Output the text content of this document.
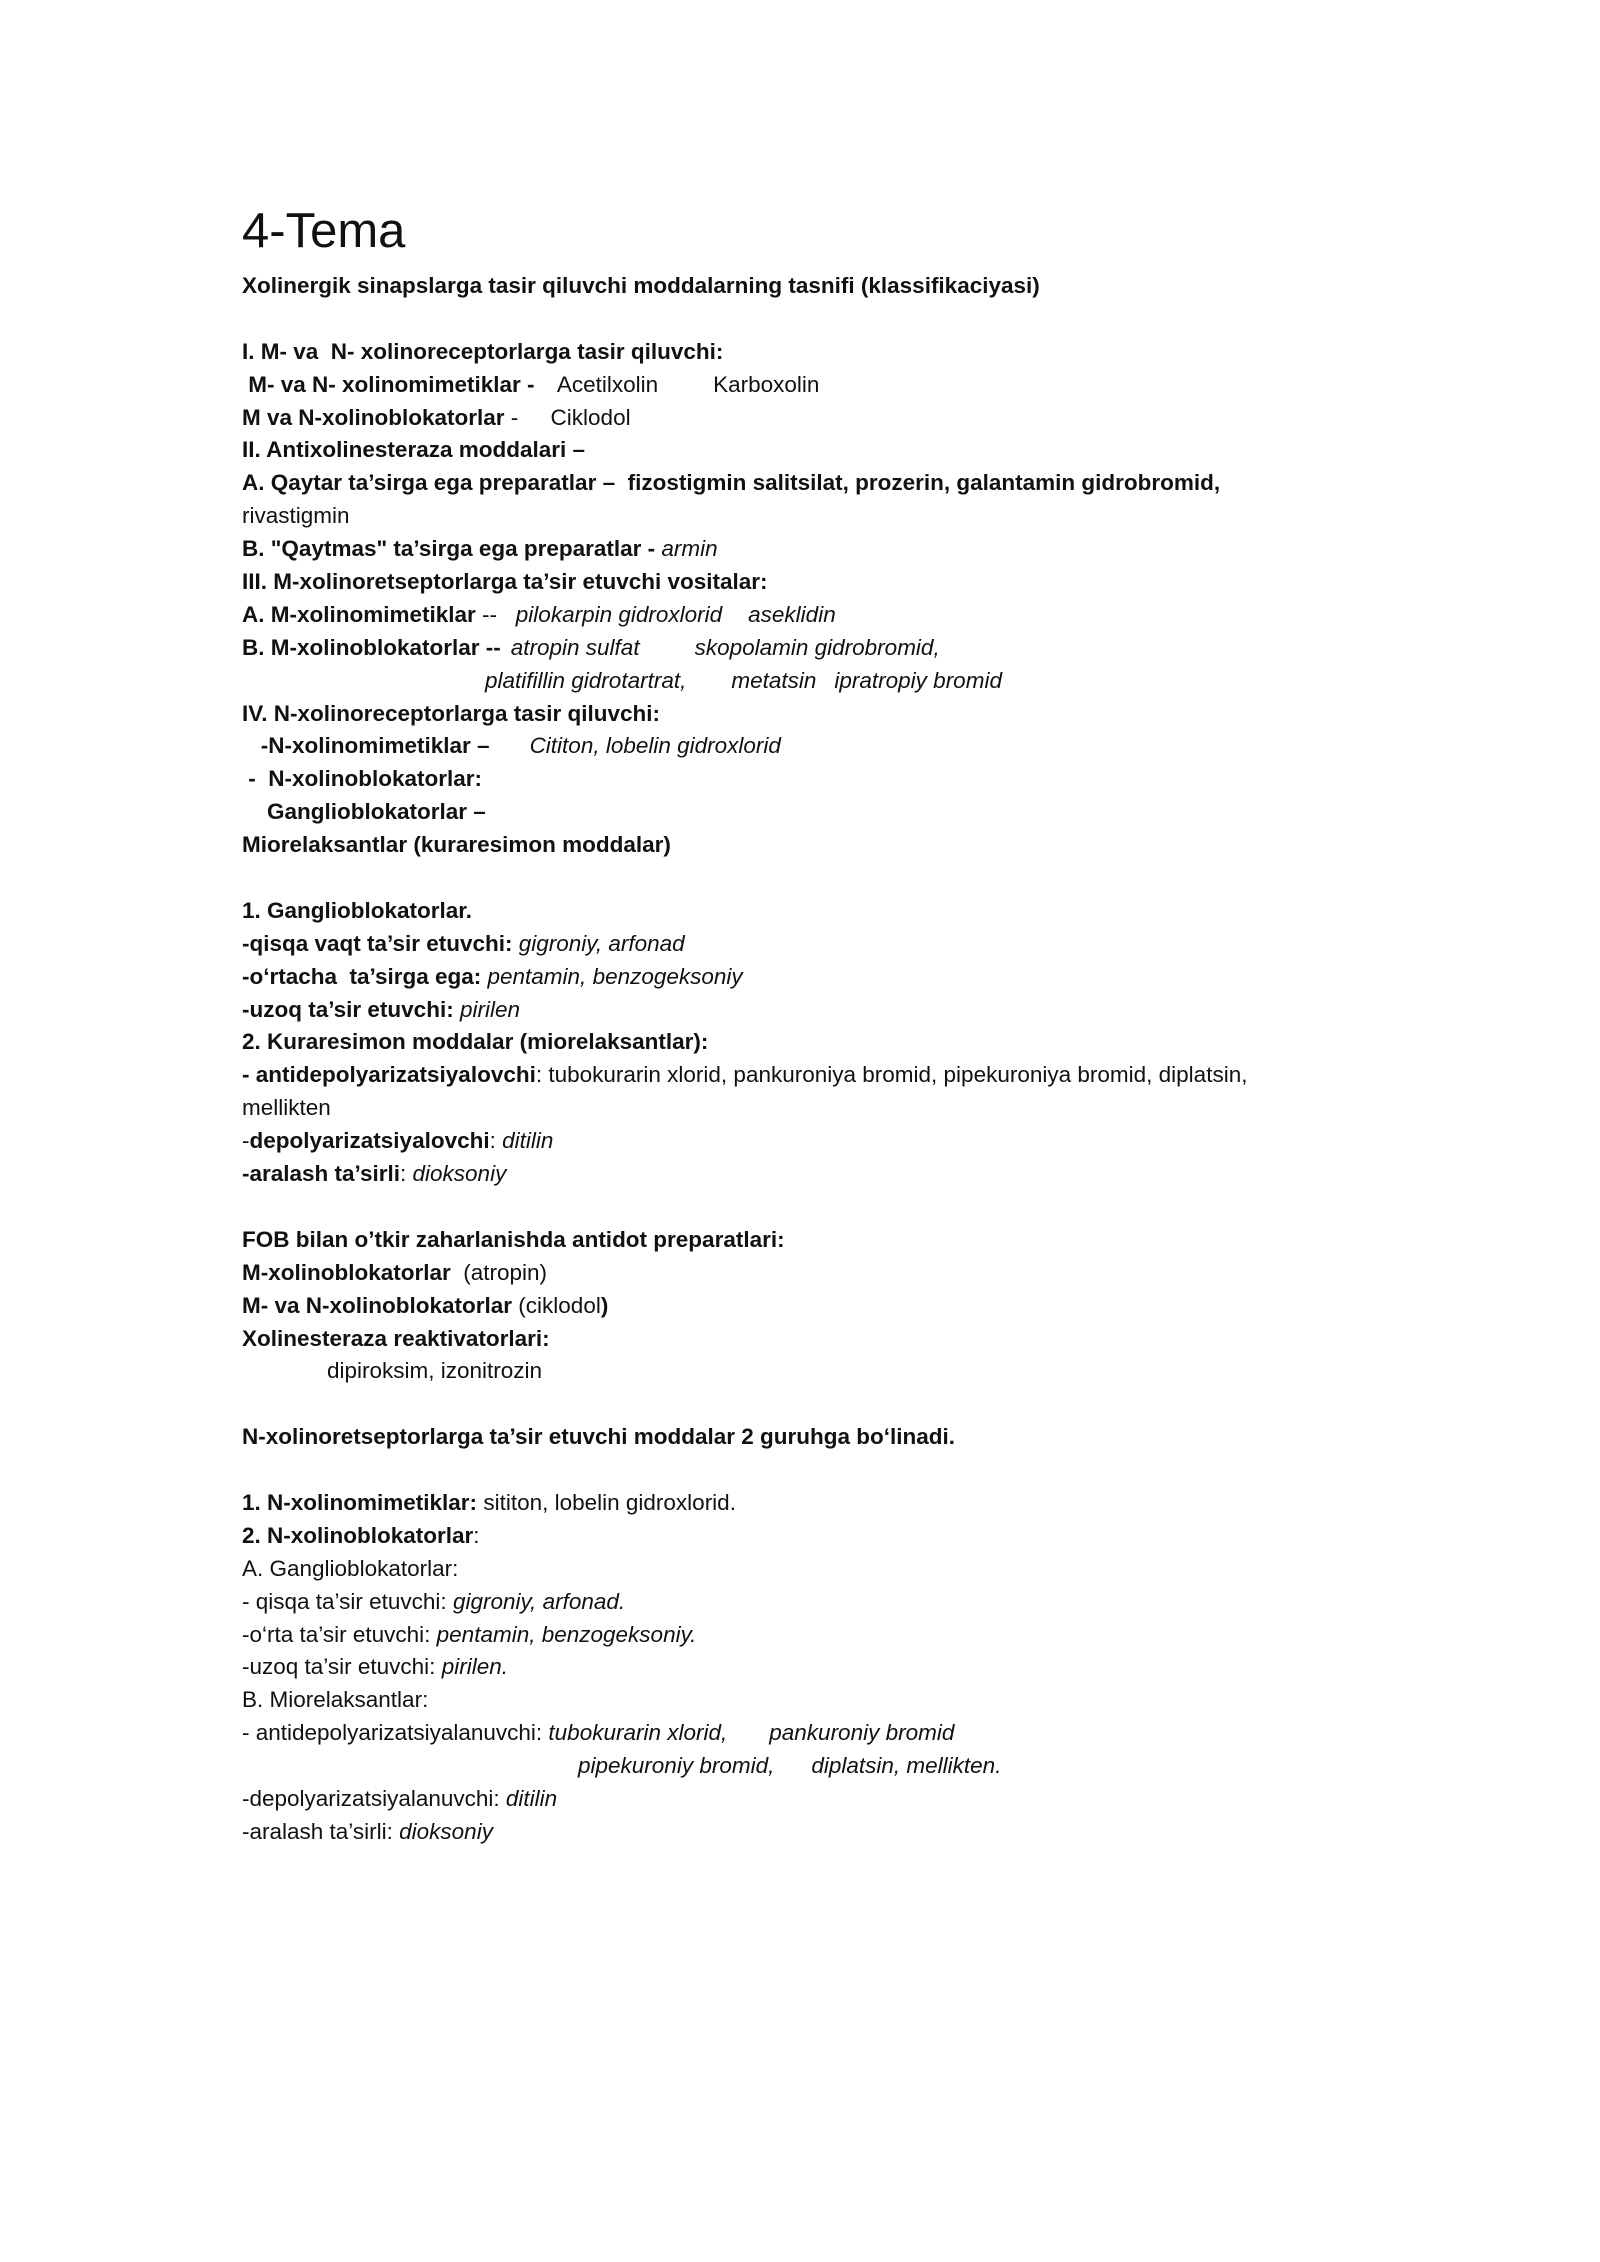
4-Tema
Xolinergik sinapslarga tasir qiluvchi moddalarning tasnifi (klassifikaciyasi)
I. M- va  N- xolinoreceptorlarga tasir qiluvchi:
M- va N- xolinomimetiklar - Acetilxolin Karboxolin
M va N-xolinoblokatorlar - Ciklodol
II. Antixolinesteraza moddalari –
A. Qaytar ta’sirga ega preparatlar –  fizostigmin salitsilat, prozerin, galantamin gidrobromid,
rivastigmin
B. "Qaytmas" ta’sirga ega preparatlar - armin
III. M-xolinoretseptorlarga ta’sir etuvchi vositalar:
A. M-xolinomimetiklar --   pilokarpin gidroxlorid aseklidin
B. M-xolinoblokatorlar -- atropin sulfat skopolamin gidrobromid,
platifillin gidrotartrat, metatsin ipratropiy bromid
IV. N-xolinoreceptorlarga tasir qiluvchi:
-N-xolinomimetiklar – Cititon, lobelin gidroxlorid
-  N-xolinoblokatorlar:
Ganglioblokatorlar –
Miorelaksantlar (kuraresimon moddalar)
1. Ganglioblokatorlar.
-qisqa vaqt ta’sir etuvchi: gigroniy, arfonad
-o‘rtacha  ta’sirga ega: pentamin, benzogeksoniy
-uzoq ta’sir etuvchi: pirilen
2. Kuraresimon moddalar (miorelaksantlar):
- antidepolyarizatsiyalovchi: tubokurarin xlorid, pankuroniya bromid, pipekuroniya bromid, diplatsin,
mellikten
-depolyarizatsiyalovchi: ditilin
-aralash ta’sirli: dioksoniy
FOB bilan o’tkir zaharlanishda antidot preparatlari:
M-xolinoblokatorlar  (atropin)
M- va N-xolinoblokatorlar (ciklodol)
Xolinesteraza reaktivatorlari:
dipiroksim, izonitrozin
N-xolinoretseptorlarga ta’sir etuvchi moddalar 2 guruhga bo‘linadi.
1. N-xolinomimetiklar: sititon, lobelin gidroxlorid.
2. N-xolinoblokatorlar:
A. Ganglioblokatorlar:
- qisqa ta’sir etuvchi: gigroniy, arfonad.
-o‘rta ta’sir etuvchi: pentamin, benzogeksoniy.
-uzoq ta’sir etuvchi: pirilen.
B. Miorelaksantlar:
- antidepolyarizatsiyalanuvchi: tubokurarin xlorid, pankuroniy bromid
pipekuroniy bromid, diplatsin, mellikten.
-depolyarizatsiyalanuvchi: ditilin
-aralash ta’sirli: dioksoniy
